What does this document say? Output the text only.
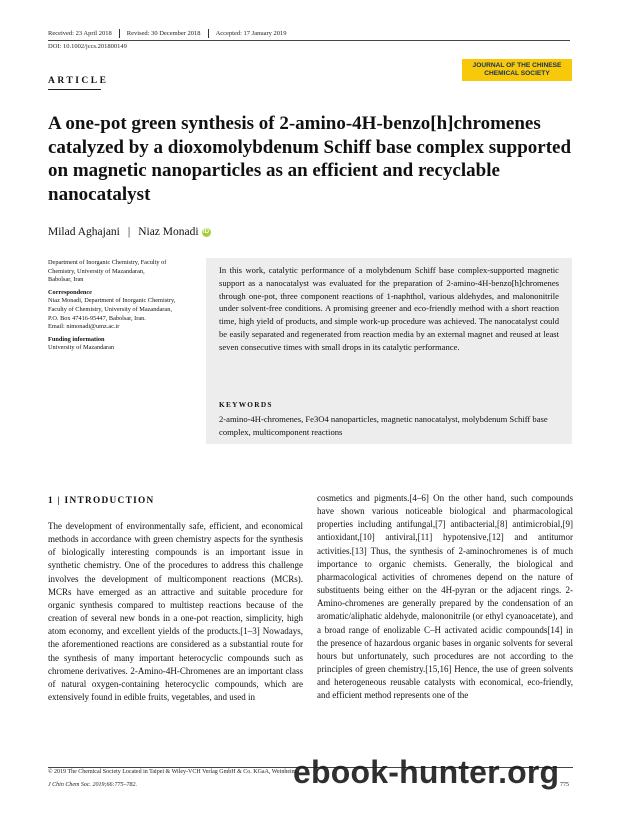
Received: 23 April 2018	Revised: 30 December 2018	Accepted: 17 January 2019
DOI: 10.1002/jccs.201800149
ARTICLE
JOURNAL OF THE CHINESE
CHEMICAL SOCIETY
A one-pot green synthesis of 2-amino-4H-benzo[h]chromenes
catalyzed by a dioxomolybdenum Schiff base complex supported
on magnetic nanoparticles as an efficient and recyclable
nanocatalyst
Milad Aghajani | Niaz Monadi iD
Department of Inorganic Chemistry, Faculty of
Chemistry, University of Mazandaran,
Babolsar, Iran
Correspondence
Niaz Monadi, Department of Inorganic Chemistry,
Faculty of Chemistry, University of Mazandaran,
P.O. Box 47416-95447, Babolsar, Iran.
Email: nimonadi@umz.ac.ir
Funding information
University of Mazandaran
In this work, catalytic performance of a molybdenum Schiff base complex-supported magnetic support as a nanocatalyst was evaluated for the preparation of 2-amino-4H-benzo[h]chromenes through one-pot, three component reactions of 1-naphthol, various aldehydes, and malononitrile under solvent-free conditions. A promising greener and eco-friendly method with a short reaction time, high yield of products, and simple work-up procedure was achieved. The nanocatalyst could be easily separated and regenerated from reaction media by an external magnet and reused at least seven consecutive times with small drops in its catalytic performance.
KEYWORDS
2-amino-4H-chromenes, Fe3O4 nanoparticles, magnetic nanocatalyst, molybdenum Schiff base complex, multicomponent reactions
1 | INTRODUCTION
The development of environmentally safe, efficient, and economical methods in accordance with green chemistry aspects for the synthesis of biologically interesting compounds is an important issue in synthetic chemistry. One of the procedures to address this challenge involves the development of multicomponent reactions (MCRs). MCRs have emerged as an attractive and suitable procedure for organic synthesis compared to multistep reactions because of the creation of several new bonds in a one-pot reaction, simplicity, high atom economy, and excellent yields of the products.[1–3] Nowadays, the aforementioned reactions are considered as a substantial route for the synthesis of many important heterocyclic compounds such as chromene derivatives. 2-Amino-4H-Chromenes are an important class of natural oxygen-containing heterocyclic compounds, which are extensively found in edible fruits, vegetables, and used in
cosmetics and pigments.[4–6] On the other hand, such compounds have shown various noticeable biological and pharmacological properties including antifungal,[7] antibacterial,[8] antimicrobial,[9] antioxidant,[10] antiviral,[11] hypotensive,[12] and antitumor activities.[13] Thus, the synthesis of 2-aminochromenes is of much importance to organic chemists. Generally, the biological and pharmacological activities of chromenes depend on the nature of substituents being either on the 4H-pyran or the adjacent rings. 2-Amino-chromenes are generally prepared by the condensation of an aromatic/aliphatic aldehyde, malononitrile (or ethyl cyanoacetate), and a broad range of enolizable C–H activated acidic compounds[14] in the presence of hazardous organic bases in organic solvents for several hours but unfortunately, such procedures are not according to the principles of green chemistry.[15,16] Hence, the use of green solvents and heterogeneous reusable catalysts with economical, eco-friendly, and efficient method represents one of the
© 2019 The Chemical Society Located in Taipei & Wiley-VCH Verlag GmbH & Co. KGaA, Weinheim
J Chin Chem Soc. 2019;66:775–782.	775
ebook-hunter.org
